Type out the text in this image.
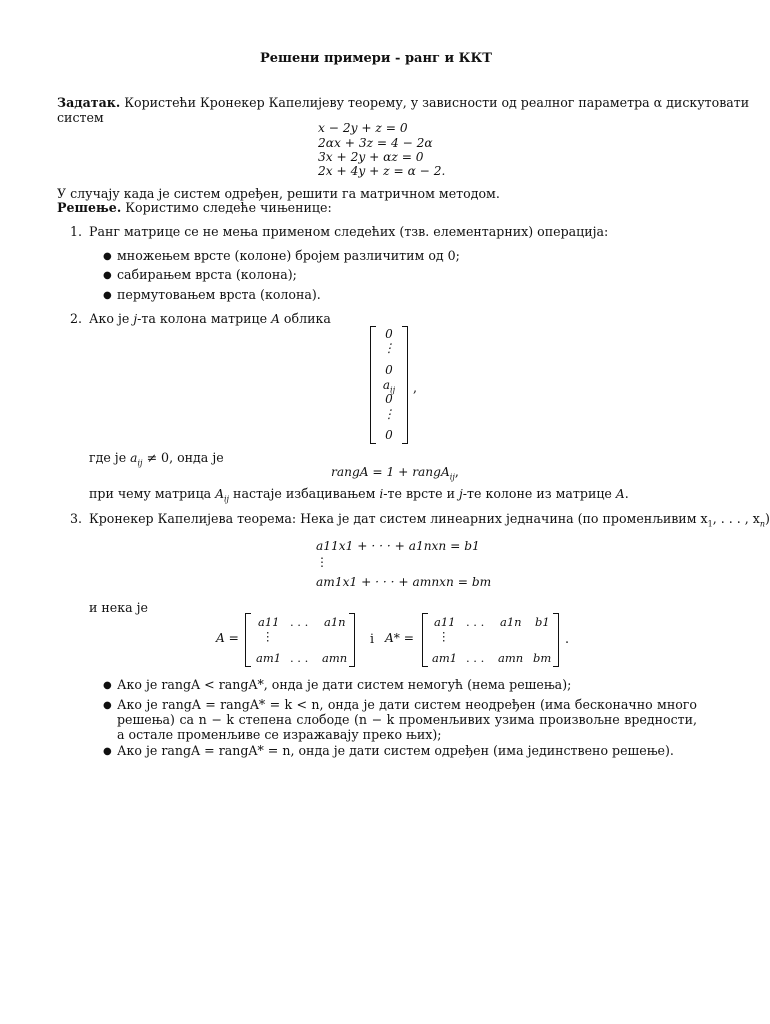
Решени примери - ранг и ККТ
Задатак. Користећи Кронекер Капелијеву теорему, у зависности од реалног параметра α дискутовати
систем
x − 2y + z = 0
2αx + 3z = 4 − 2α
3x + 2y + αz = 0
2x + 4y + z = α − 2.
У случају када је систем одређен, решити га матричном методом.
Решење. Користимо следеће чињенице:
1. Ранг матрице се не мења применом следећих (тзв. елементарних) операција:
● множењем врсте (колоне) бројем различитим од 0;
● сабирањем врста (колона);
● пермутовањем врста (колона).
2. Ако је j-та колона матрице A облика
0
⋮
0
$a_{ij}$
0
⋮
0
,
где је $a_{ij} \ne 0$, онда је
rangA = 1 + rangA$_{ij}$,
при чему матрица $A_{ij}$ настаје избацивањем i-те врсте и j-те колоне из матрице A.
3. Кронекер Капелијева теорема: Нека је дат систем линеарних једначина (по променљивим $x_1$, . . . , $x_n$)
a11x1 + · · · + a1nxn = b1
⋮
am1x1 + · · · + amnxn = bm
и нека је
A =
a11 . . . a1n
⋮
am1 . . . amn
i A* =
a11 . . . a1n b1
⋮
am1 . . . amn bm
.
● Ако је rangA < rangA*, онда је дати систем немогућ (нема решења);
● Ако је rangA = rangA* = k < n, онда је дати систем неодређен (има бесконачно много решења) са n − k степена слободе (n − k променљивих узима произвољне вредности, а остале променљиве се изражавају преко њих);
● Ако је rangA = rangA* = n, онда је дати систем одређен (има јединствено решење).
